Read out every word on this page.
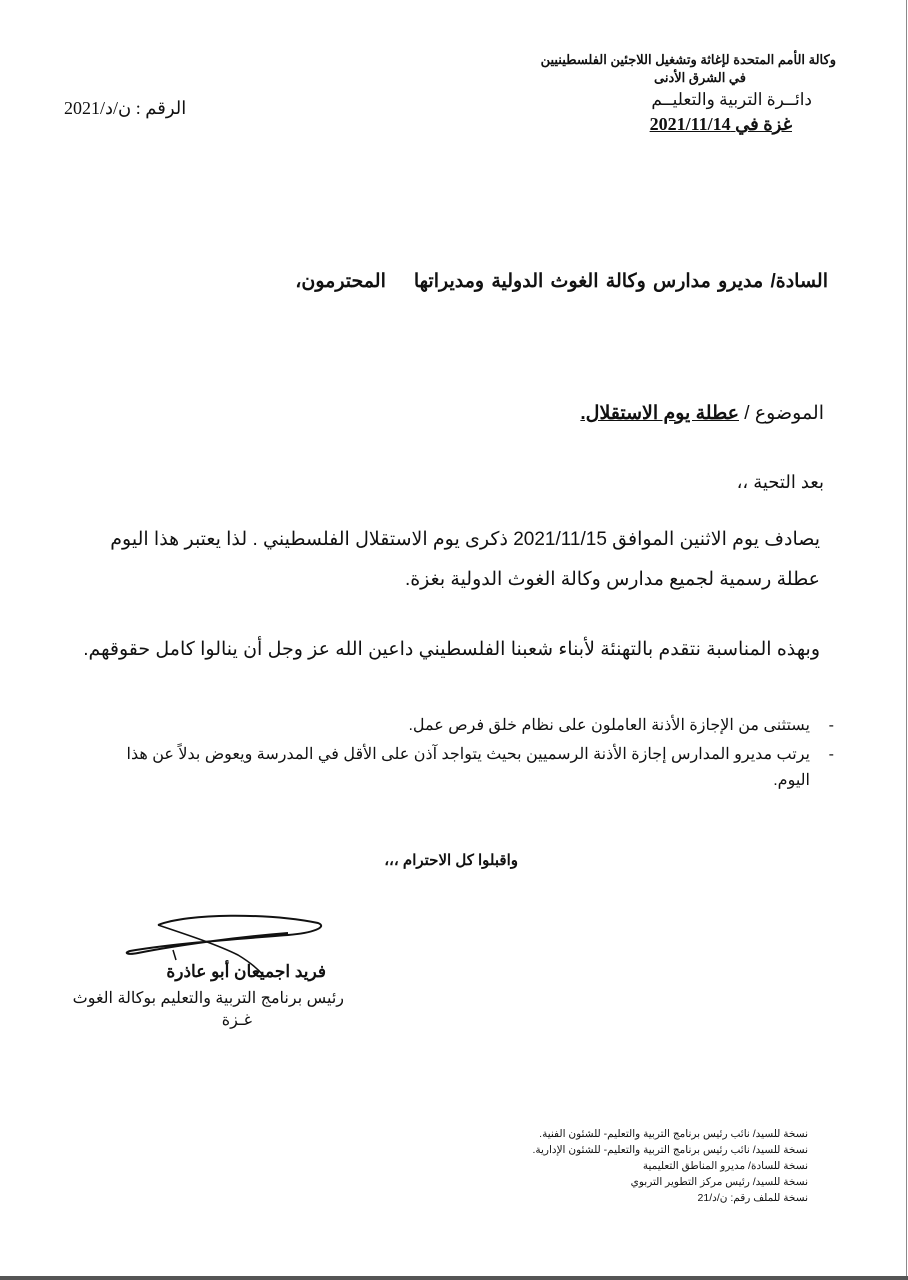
وكالة الأمم المتحدة لإغاثة وتشغيل اللاجئين الفلسطينيين
في الشرق الأدنى
دائــرة التربية والتعليــم
غزة في 2021/11/14
الرقم : ن/د/2021
السادة/ مديرو مدارس وكالة الغوث الدولية ومديراتهاالمحترمون،
الموضوع / عطلة يوم الاستقلال.
بعد التحية ،،
يصادف يوم الاثنين الموافق 2021/11/15 ذكرى يوم الاستقلال الفلسطيني . لذا يعتبر هذا اليوم
عطلة رسمية لجميع مدارس وكالة الغوث الدولية بغزة.
وبهذه المناسبة نتقدم بالتهنئة لأبناء شعبنا الفلسطيني داعين الله عز وجل أن ينالوا كامل حقوقهم.
-يستثنى من الإجازة الأذنة العاملون على نظام خلق فرص عمل.
-يرتب مديرو المدارس إجازة الأذنة الرسميين بحيث يتواجد آذن على الأقل في المدرسة ويعوض بدلاً عن هذا
اليوم.
واقبلوا كل الاحترام ،،،
فريد اجميعان أبو عاذرة
رئيس برنامج التربية والتعليم بوكالة الغوث
غـزة
نسخة للسيد/ نائب رئيس برنامج التربية والتعليم- للشئون الفنية.
نسخة للسيد/ نائب رئيس برنامج التربية والتعليم- للشئون الإدارية.
نسخة للسادة/ مديرو المناطق التعليمية
نسخة للسيد/ رئيس مركز التطوير التربوي
نسخة للملف رقم: ن/د/21
